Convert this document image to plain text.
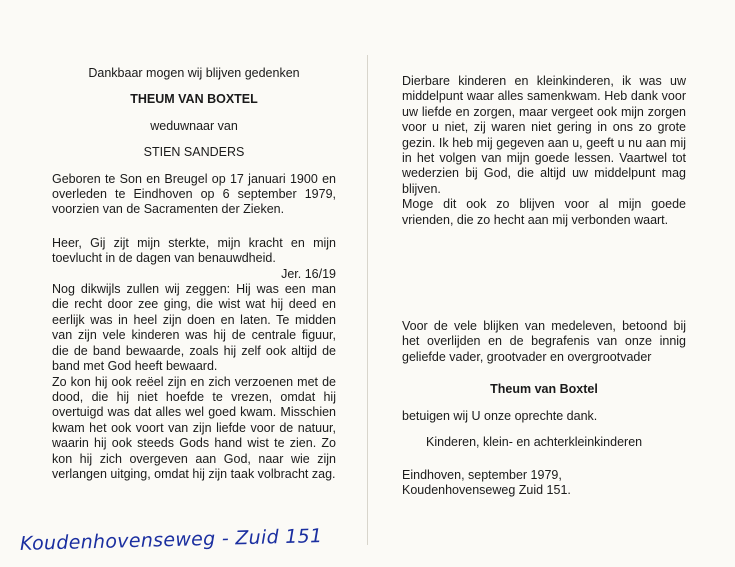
Dankbaar mogen wij blijven gedenken

THEUM VAN BOXTEL

weduwnaar van

STIEN SANDERS

Geboren te Son en Breugel op 17 januari 1900 en overleden te Eindhoven op 6 september 1979, voorzien van de Sacramenten der Zieken.

Heer, Gij zijt mijn sterkte, mijn kracht en mijn toevlucht in de dagen van benauwdheid.

Jer. 16/19

Nog dikwijls zullen wij zeggen: Hij was een man die recht door zee ging, die wist wat hij deed en eerlijk was in heel zijn doen en laten. Te midden van zijn vele kinderen was hij de centrale figuur, die de band bewaarde, zoals hij zelf ook altijd de band met God heeft bewaard.

Zo kon hij ook reëel zijn en zich verzoenen met de dood, die hij niet hoefde te vrezen, omdat hij overtuigd was dat alles wel goed kwam. Misschien kwam het ook voort van zijn liefde voor de natuur, waarin hij ook steeds Gods hand wist te zien. Zo kon hij zich overgeven aan God, naar wie zijn verlangen uitging, omdat hij zijn taak volbracht zag.

Dierbare kinderen en kleinkinderen, ik was uw middelpunt waar alles samenkwam. Heb dank voor uw liefde en zorgen, maar vergeet ook mijn zorgen voor u niet, zij waren niet gering in ons zo grote gezin. Ik heb mij gegeven aan u, geeft u nu aan mij in het volgen van mijn goede lessen. Vaartwel tot wederzien bij God, die altijd uw middelpunt mag blijven.

Moge dit ook zo blijven voor al mijn goede vrienden, die zo hecht aan mij verbonden waart.

Voor de vele blijken van medeleven, betoond bij het overlijden en de begrafenis van onze innig geliefde vader, grootvader en overgrootvader

Theum van Boxtel

betuigen wij U onze oprechte dank.

Kinderen, klein- en achterkleinkinderen

Eindhoven, september 1979,

Koudenhovenseweg Zuid 151.

Koudenhovenseweg - Zuid 151
